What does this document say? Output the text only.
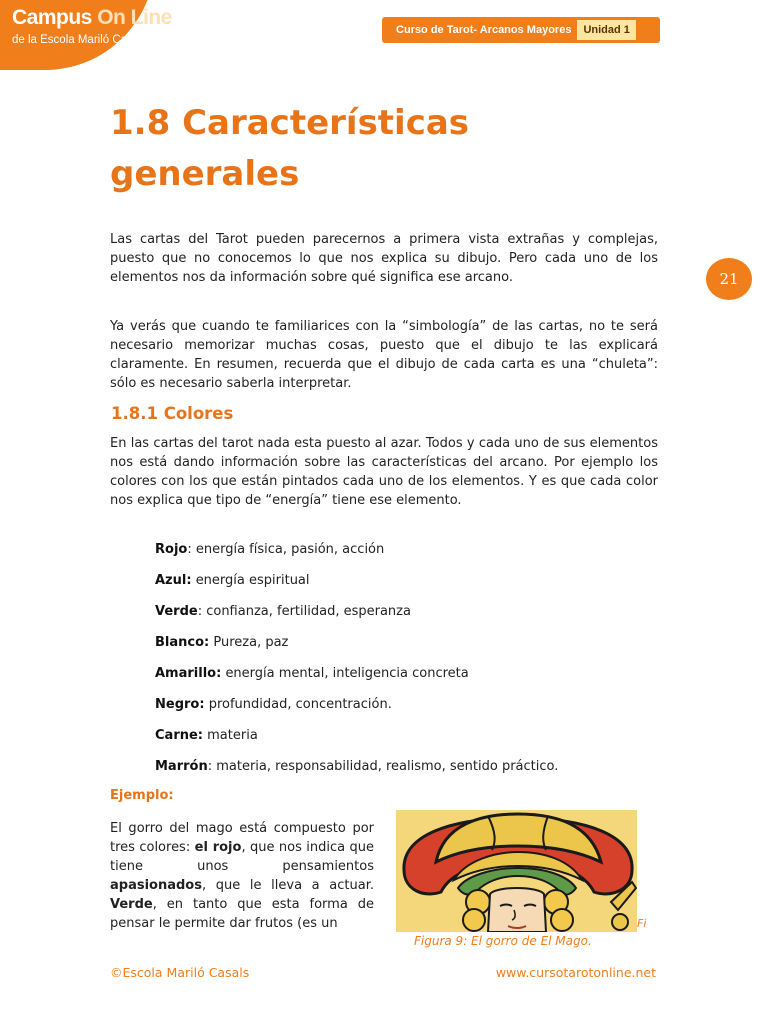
Campus On Line
de la Escola Mariló Casals
Curso de Tarot- Arcanos Mayores Unidad 1
21
1.8 Características generales

Las cartas del Tarot pueden parecernos a primera vista extrañas y complejas, puesto que no conocemos lo que nos explica su dibujo. Pero cada uno de los elementos nos da información sobre qué significa ese arcano.

Ya verás que cuando te familiarices con la “simbología” de las cartas, no te será necesario memorizar muchas cosas, puesto que el dibujo te las explicará claramente. En resumen, recuerda que el dibujo de cada carta es una “chuleta”: sólo es necesario saberla interpretar.

1.8.1 Colores

En las cartas del tarot nada esta puesto al azar. Todos y cada uno de sus elementos nos está dando información sobre las características del arcano. Por ejemplo los colores con los que están pintados cada uno de los elementos. Y es que cada color nos explica que tipo de “energía” tiene ese elemento.

Rojo: energía física, pasión, acción
Azul: energía espiritual
Verde: confianza, fertilidad, esperanza
Blanco: Pureza, paz
Amarillo: energía mental, inteligencia concreta
Negro: profundidad, concentración.
Carne: materia
Marrón: materia, responsabilidad, realismo, sentido práctico.

Ejemplo:

El gorro del mago está compuesto por tres colores: el rojo, que nos indica que tiene unos pensamientos apasionados, que le lleva a actuar. Verde, en tanto que esta forma de pensar le permite dar frutos (es un	Fi

Figura 9: El gorro de El Mago.

©Escola Mariló Casals	www.cursotarotonline.net
